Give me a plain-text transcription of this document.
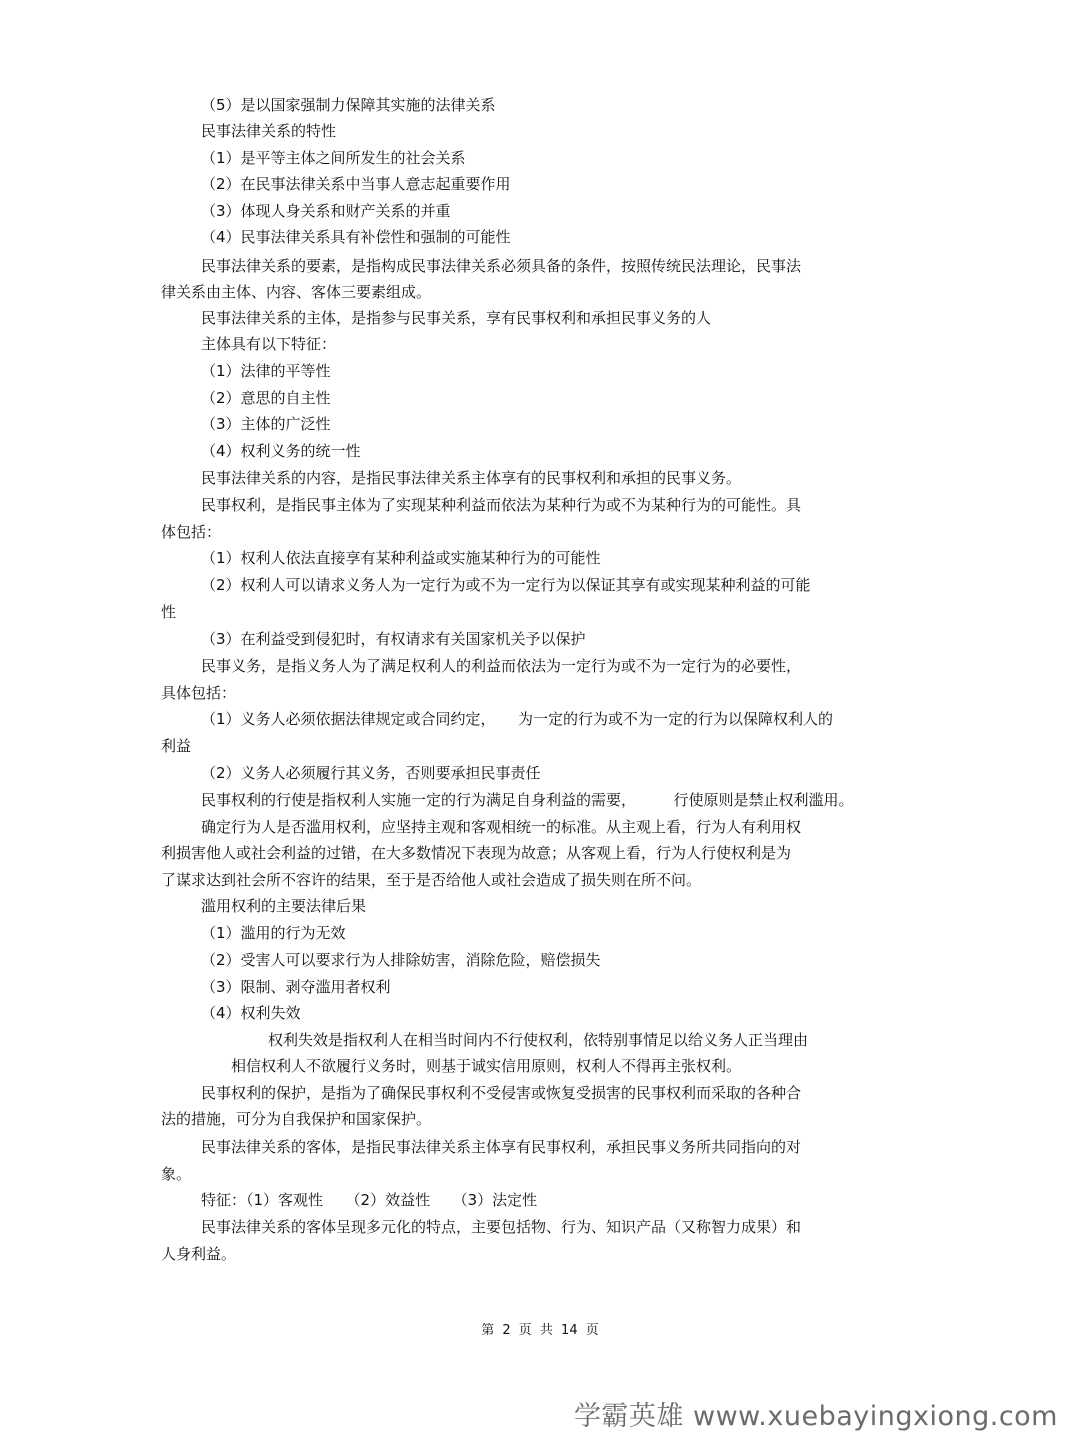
（5）是以国家强制力保障其实施的法律关系
民事法律关系的特性
（1）是平等主体之间所发生的社会关系
（2）在民事法律关系中当事人意志起重要作用
（3）体现人身关系和财产关系的并重
（4）民事法律关系具有补偿性和强制的可能性
民事法律关系的要素，是指构成民事法律关系必须具备的条件，按照传统民法理论，民事法
律关系由主体、内容、客体三要素组成。
民事法律关系的主体，是指参与民事关系，享有民事权利和承担民事义务的人
主体具有以下特征：
（1）法律的平等性
（2）意思的自主性
（3）主体的广泛性
（4）权利义务的统一性
民事法律关系的内容，是指民事法律关系主体享有的民事权利和承担的民事义务。
民事权利，是指民事主体为了实现某种利益而依法为某种行为或不为某种行为的可能性。具
体包括：
（1）权利人依法直接享有某种利益或实施某种行为的可能性
（2）权利人可以请求义务人为一定行为或不为一定行为以保证其享有或实现某种利益的可能
性
（3）在利益受到侵犯时，有权请求有关国家机关予以保护
民事义务，是指义务人为了满足权利人的利益而依法为一定行为或不为一定行为的必要性，
具体包括：
（1）义务人必须依据法律规定或合同约定，　　为一定的行为或不为一定的行为以保障权利人的
利益
（2）义务人必须履行其义务，否则要承担民事责任
民事权利的行使是指权利人实施一定的行为满足自身利益的需要，　　　行使原则是禁止权利滥用。
确定行为人是否滥用权利，应坚持主观和客观相统一的标准。从主观上看，行为人有利用权
利损害他人或社会利益的过错，在大多数情况下表现为故意；从客观上看，行为人行使权利是为
了谋求达到社会所不容许的结果，至于是否给他人或社会造成了损失则在所不问。
滥用权利的主要法律后果
（1）滥用的行为无效
（2）受害人可以要求行为人排除妨害，消除危险，赔偿损失
（3）限制、剥夺滥用者权利
（4）权利失效
权利失效是指权利人在相当时间内不行使权利，依特别事情足以给义务人正当理由
相信权利人不欲履行义务时，则基于诚实信用原则，权利人不得再主张权利。
民事权利的保护，是指为了确保民事权利不受侵害或恢复受损害的民事权利而采取的各种合
法的措施，可分为自我保护和国家保护。
民事法律关系的客体，是指民事法律关系主体享有民事权利，承担民事义务所共同指向的对
象。
特征：（1）客观性　　（2）效益性　　（3）法定性
民事法律关系的客体呈现多元化的特点，主要包括物、行为、知识产品（又称智力成果）和
人身利益。
第 2 页 共 14 页
学霸英雄 www.xuebayingxiong.com
